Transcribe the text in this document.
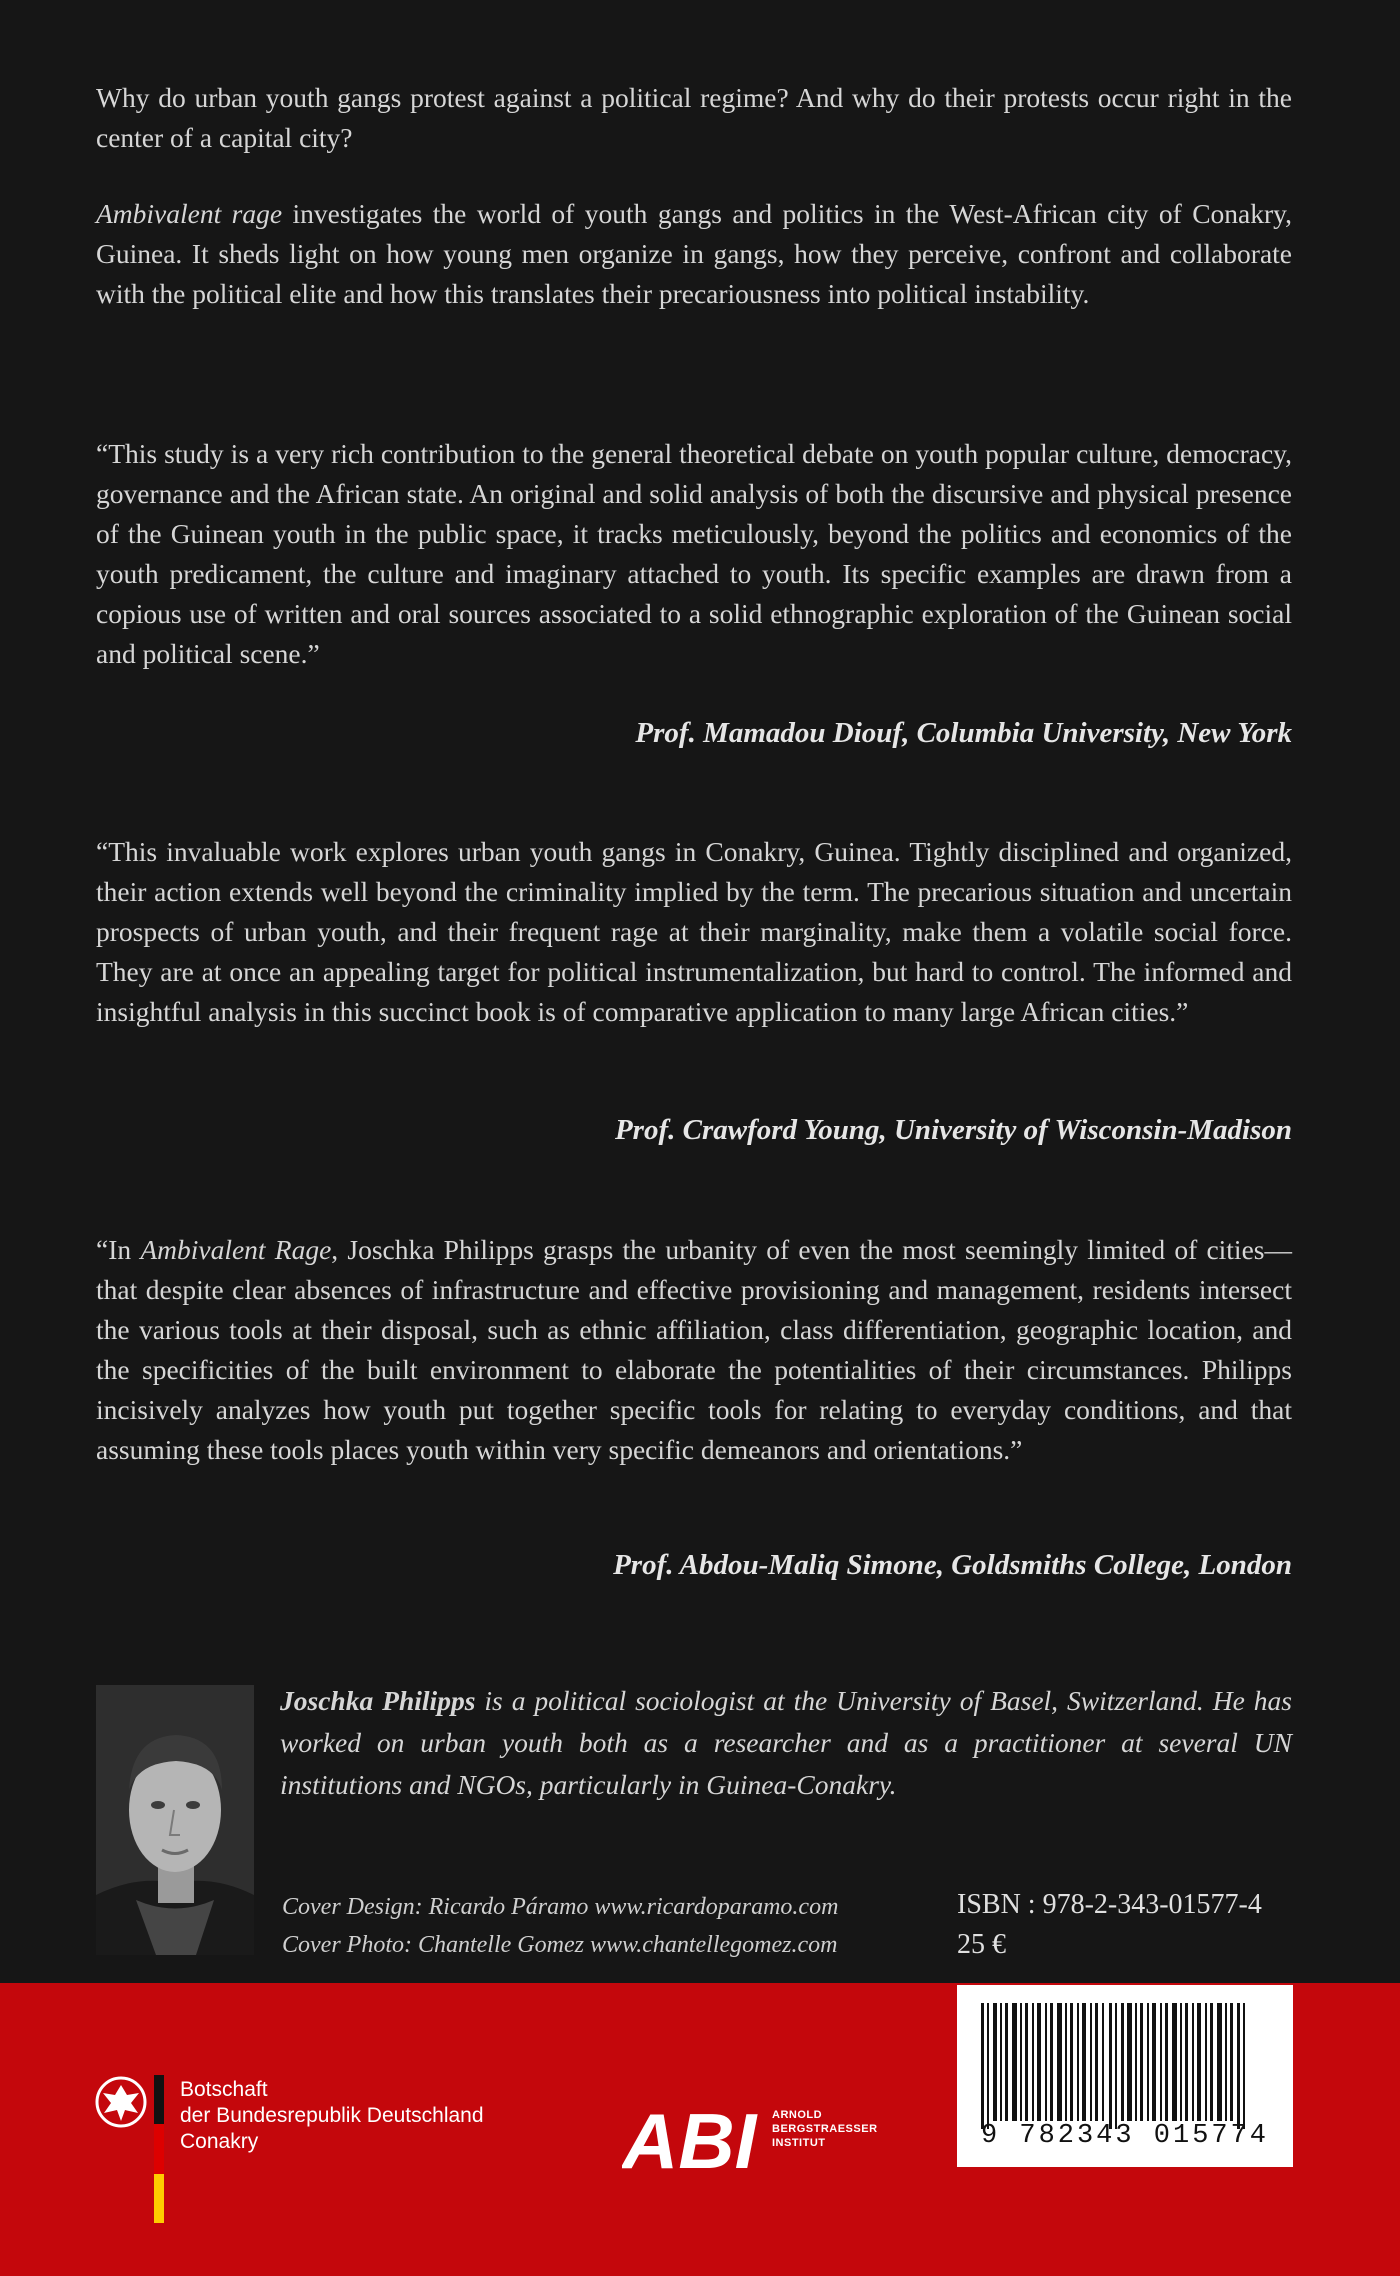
Why do urban youth gangs protest against a political regime? And why do their protests occur right in the center of a capital city?

Ambivalent rage investigates the world of youth gangs and politics in the West-African city of Conakry, Guinea. It sheds light on how young men organize in gangs, how they perceive, confront and collaborate with the political elite and how this translates their precariousness into political instability.

“This study is a very rich contribution to the general theoretical debate on youth popular culture, democracy, governance and the African state. An original and solid analysis of both the discursive and physical presence of the Guinean youth in the public space, it tracks meticulously, beyond the politics and economics of the youth predicament, the culture and imaginary attached to youth. Its specific examples are drawn from a copious use of written and oral sources associated to a solid ethnographic exploration of the Guinean social and political scene.”

Prof. Mamadou Diouf, Columbia University, New York

“This invaluable work explores urban youth gangs in Conakry, Guinea. Tightly disciplined and organized, their action extends well beyond the criminality implied by the term. The precarious situation and uncertain prospects of urban youth, and their frequent rage at their marginality, make them a volatile social force. They are at once an appealing target for political instrumentalization, but hard to control. The informed and insightful analysis in this succinct book is of comparative application to many large African cities.”

Prof. Crawford Young, University of Wisconsin-Madison

“In Ambivalent Rage, Joschka Philipps grasps the urbanity of even the most seemingly limited of cities—that despite clear absences of infrastructure and effective provisioning and management, residents intersect the various tools at their disposal, such as ethnic affiliation, class differentiation, geographic location, and the specificities of the built environment to elaborate the potentialities of their circumstances. Philipps incisively analyzes how youth put together specific tools for relating to everyday conditions, and that assuming these tools places youth within very specific demeanors and orientations.”

Prof. Abdou-Maliq Simone, Goldsmiths College, London

Joschka Philipps is a political sociologist at the University of Basel, Switzerland. He has worked on urban youth both as a researcher and as a practitioner at several UN institutions and NGOs, particularly in Guinea-Conakry.

Cover Design: Ricardo Páramo www.ricardoparamo.com
Cover Photo: Chantelle Gomez www.chantellegomez.com

ISBN : 978-2-343-01577-4
25 €

Botschaft
der Bundesrepublik Deutschland
Conakry	ABI ARNOLD
BERGSTRAESSER
INSTITUT	9 782343 015774
